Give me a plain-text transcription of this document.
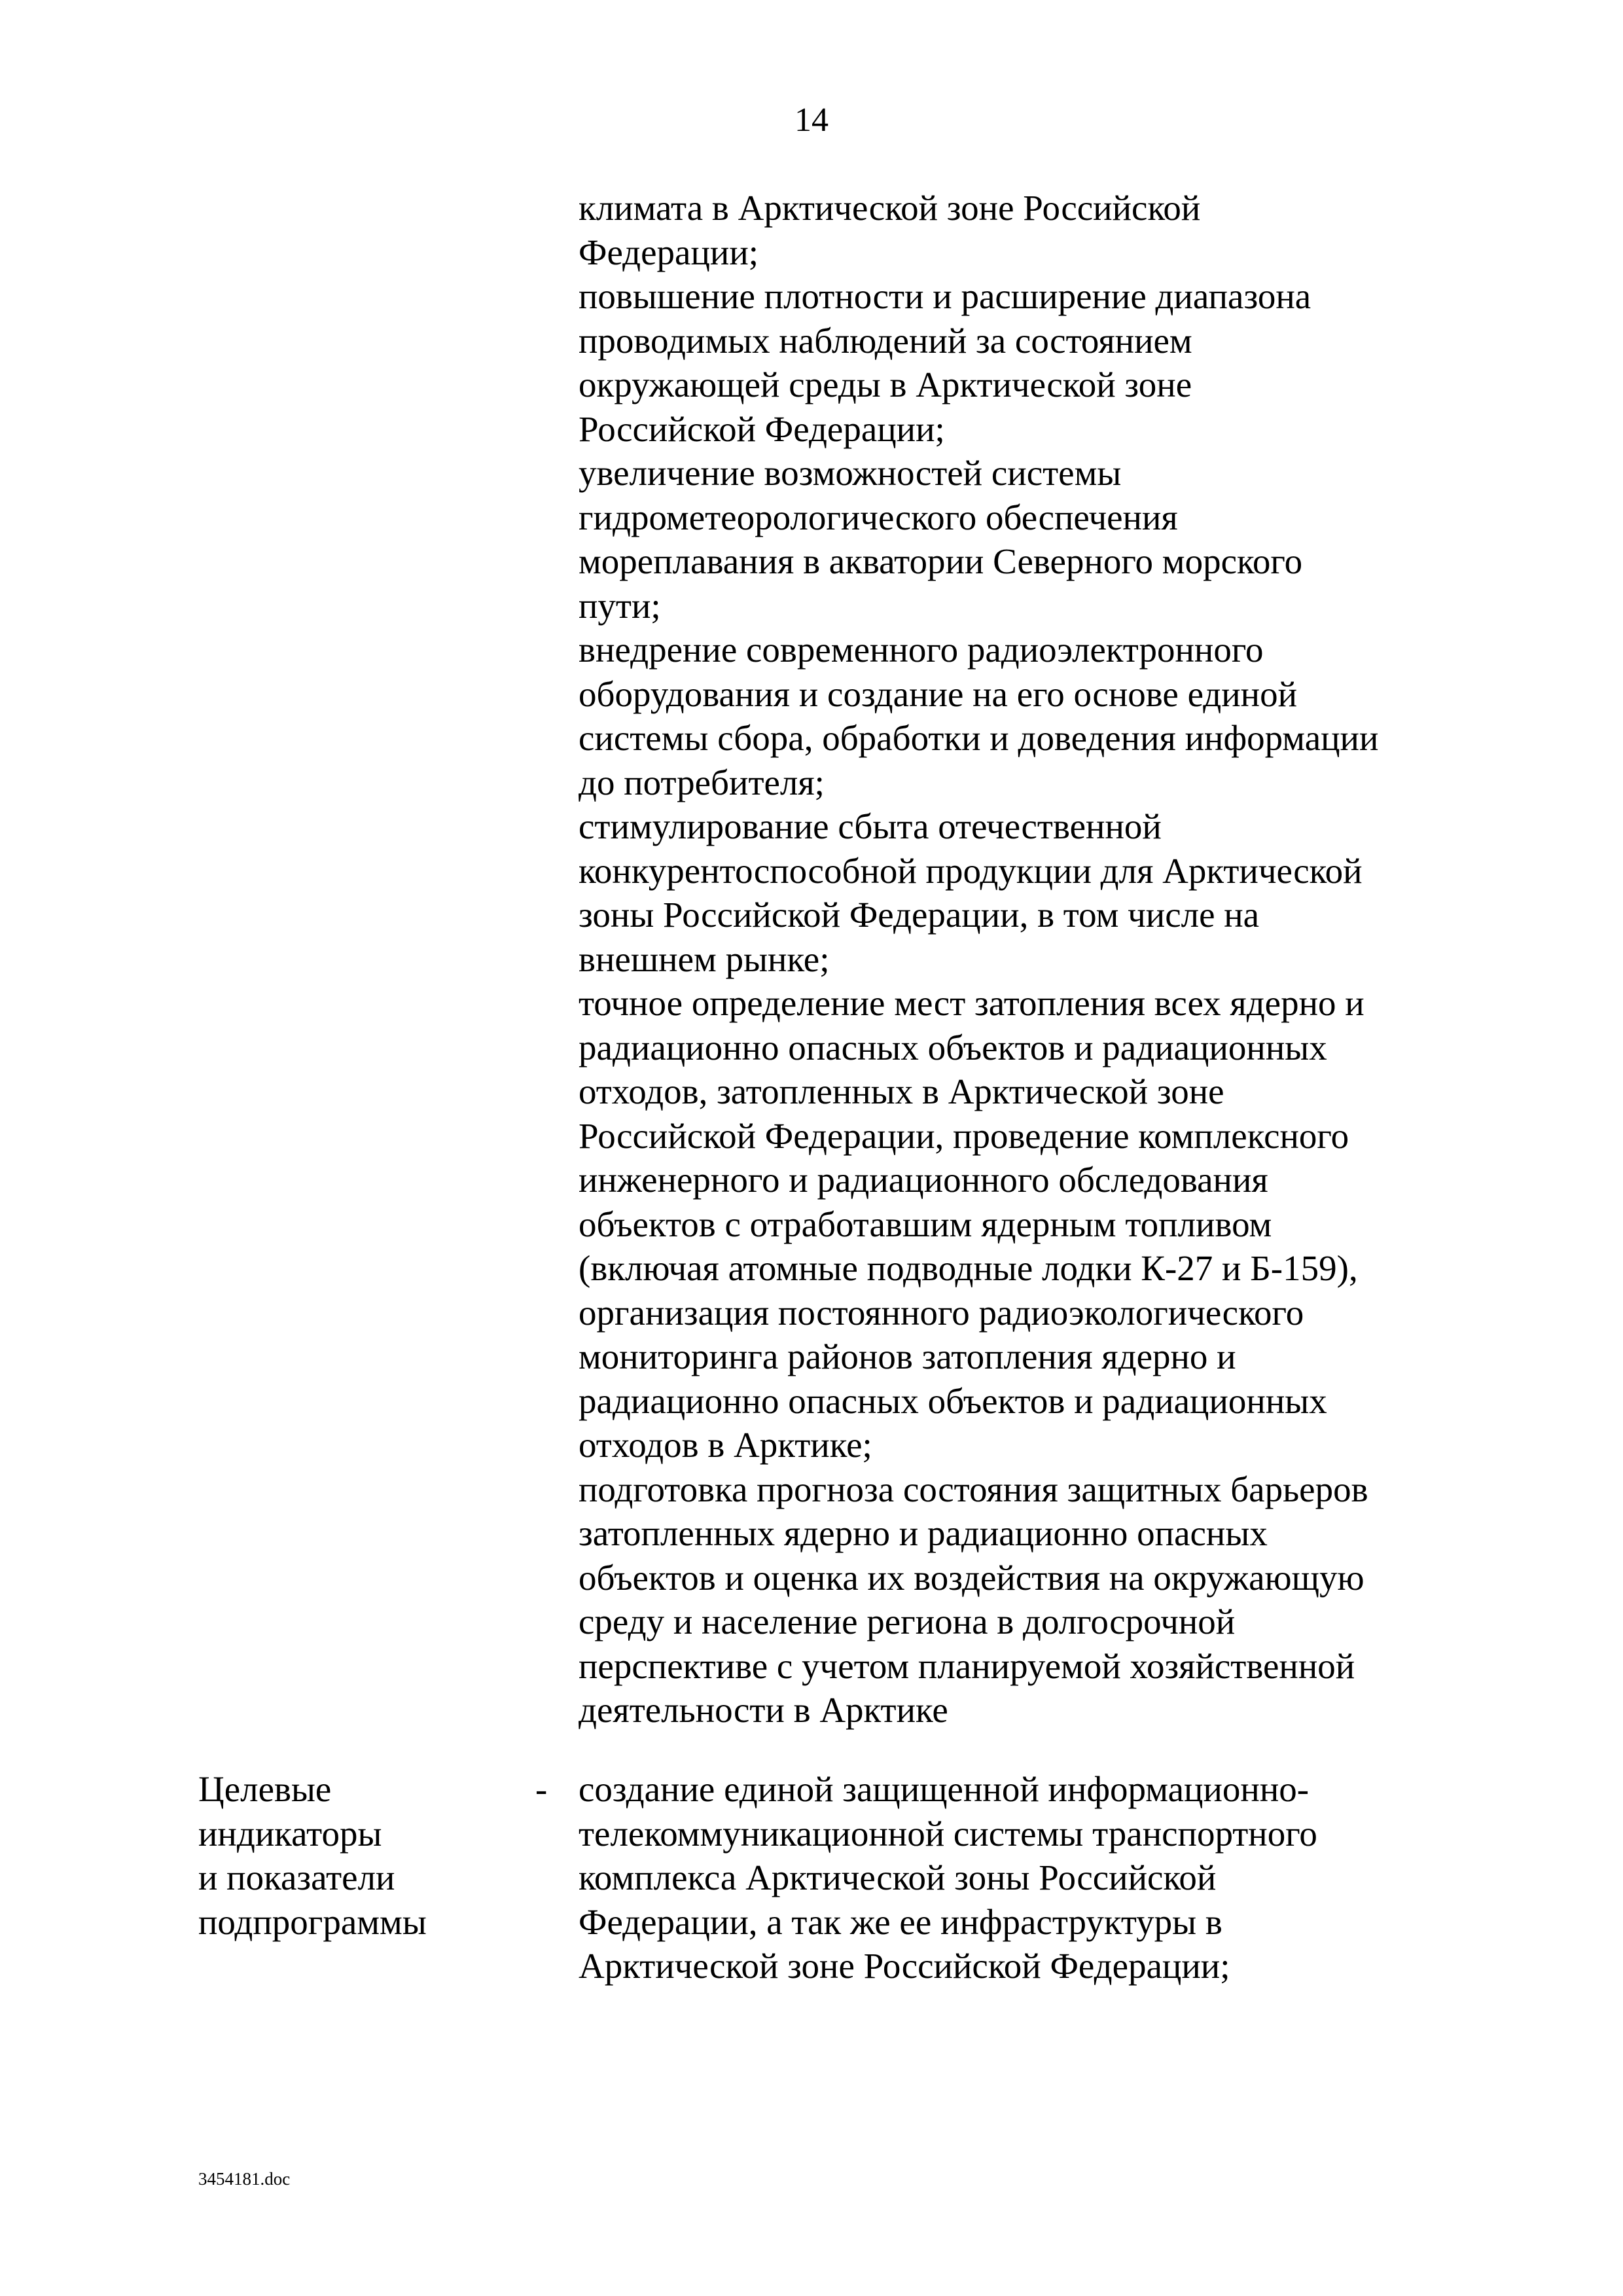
14
климата в Арктической зоне Российской
Федерации;
повышение плотности и расширение диапазона
проводимых наблюдений за состоянием
окружающей среды в Арктической зоне
Российской Федерации;
увеличение возможностей системы
гидрометеорологического обеспечения
мореплавания в акватории Северного морского
пути;
внедрение современного радиоэлектронного
оборудования и создание на его основе единой
системы сбора, обработки и доведения информации
до потребителя;
стимулирование сбыта отечественной
конкурентоспособной продукции для Арктической
зоны Российской Федерации, в том числе на
внешнем рынке;
точное определение мест затопления всех ядерно и
радиационно опасных объектов и радиационных
отходов, затопленных в Арктической зоне
Российской Федерации, проведение комплексного
инженерного и радиационного обследования
объектов с отработавшим ядерным топливом
(включая атомные подводные лодки К-27 и Б-159),
организация постоянного радиоэкологического
мониторинга районов затопления ядерно и
радиационно опасных объектов и радиационных
отходов в Арктике;
подготовка прогноза состояния защитных барьеров
затопленных ядерно и радиационно опасных
объектов и оценка их воздействия на окружающую
среду и население региона в долгосрочной
перспективе с учетом планируемой хозяйственной
деятельности в Арктике
Целевые
индикаторы
и показатели
подпрограммы
- создание единой защищенной информационно-
телекоммуникационной системы транспортного
комплекса Арктической зоны Российской
Федерации, а так же ее инфраструктуры в
Арктической зоне Российской Федерации;
3454181.doc
